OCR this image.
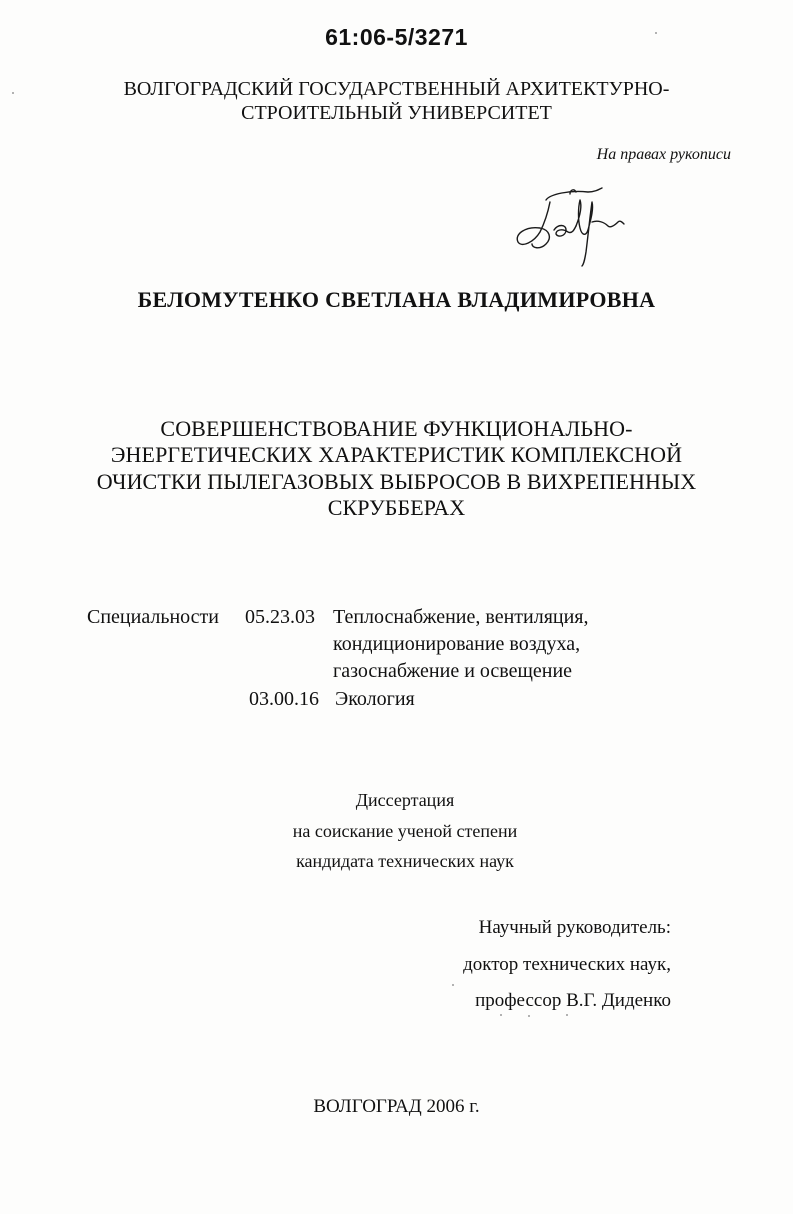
61:06-5/3271
ВОЛГОГРАДСКИЙ ГОСУДАРСТВЕННЫЙ АРХИТЕКТУРНО-
СТРОИТЕЛЬНЫЙ УНИВЕРСИТЕТ
На правах рукописи
БЕЛОМУТЕНКО СВЕТЛАНА ВЛАДИМИРОВНА
СОВЕРШЕНСТВОВАНИЕ ФУНКЦИОНАЛЬНО-
ЭНЕРГЕТИЧЕСКИХ ХАРАКТЕРИСТИК КОМПЛЕКСНОЙ
ОЧИСТКИ ПЫЛЕГАЗОВЫХ ВЫБРОСОВ В ВИХРЕПЕННЫХ
СКРУББЕРАХ
Специальности 05.23.03 Теплоснабжение, вентиляция,
кондиционирование воздуха,
газоснабжение и освещение
03.00.16 Экология
Диссертация
на соискание ученой степени
кандидата технических наук
Научный руководитель:
доктор технических наук,
профессор В.Г. Диденко
ВОЛГОГРАД 2006 г.
